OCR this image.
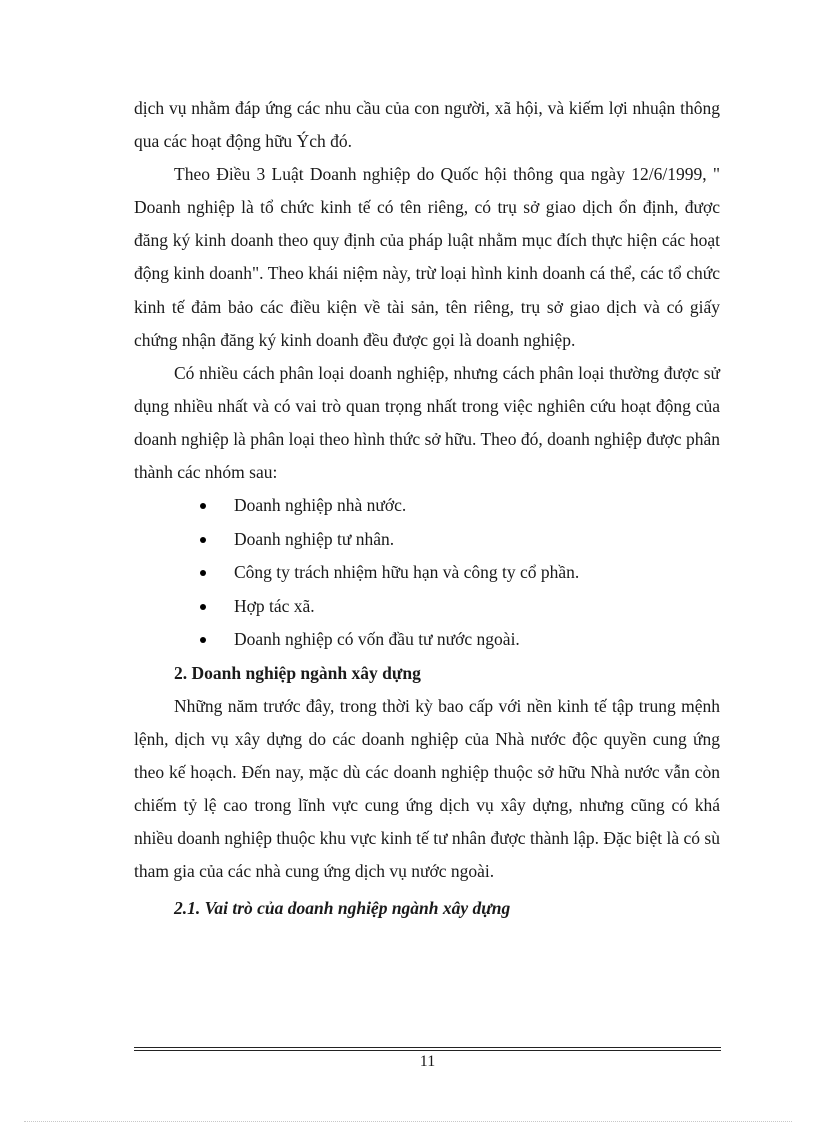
dịch vụ nhằm đáp ứng các nhu cầu của con người, xã hội, và kiếm lợi nhuận thông qua các hoạt động hữu Ých đó.

Theo Điều 3 Luật Doanh nghiệp do Quốc hội thông qua ngày 12/6/1999, " Doanh nghiệp là tổ chức kinh tế có tên riêng, có trụ sở giao dịch ổn định, được đăng ký kinh doanh theo quy định của pháp luật nhằm mục đích thực hiện các hoạt động kinh doanh". Theo khái niệm này, trừ loại hình kinh doanh cá thể, các tổ chức kinh tế đảm bảo các điều kiện về tài sản, tên riêng, trụ sở giao dịch và có giấy chứng nhận đăng ký kinh doanh đều được gọi là doanh nghiệp.

Có nhiều cách phân loại doanh nghiệp, nhưng cách phân loại thường được sử dụng nhiều nhất và có vai trò quan trọng nhất trong việc nghiên cứu hoạt động của doanh nghiệp là phân loại theo hình thức sở hữu. Theo đó, doanh nghiệp được phân thành các nhóm sau:

Doanh nghiệp nhà nước.
Doanh nghiệp tư nhân.
Công ty trách nhiệm hữu hạn và công ty cổ phần.
Hợp tác xã.
Doanh nghiệp có vốn đầu tư nước ngoài.
2. Doanh nghiệp ngành xây dựng

Những năm trước đây, trong thời kỳ bao cấp với nền kinh tế tập trung mệnh lệnh, dịch vụ xây dựng do các doanh nghiệp của Nhà nước độc quyền cung ứng theo kế hoạch. Đến nay, mặc dù các doanh nghiệp thuộc sở hữu Nhà nước vẫn còn chiếm tỷ lệ cao trong lĩnh vực cung ứng dịch vụ xây dựng, nhưng cũng có khá nhiều doanh nghiệp thuộc khu vực kinh tế tư nhân được thành lập. Đặc biệt là có sù tham gia của các nhà cung ứng dịch vụ nước ngoài.

2.1. Vai trò của doanh nghiệp ngành xây dựng
11
